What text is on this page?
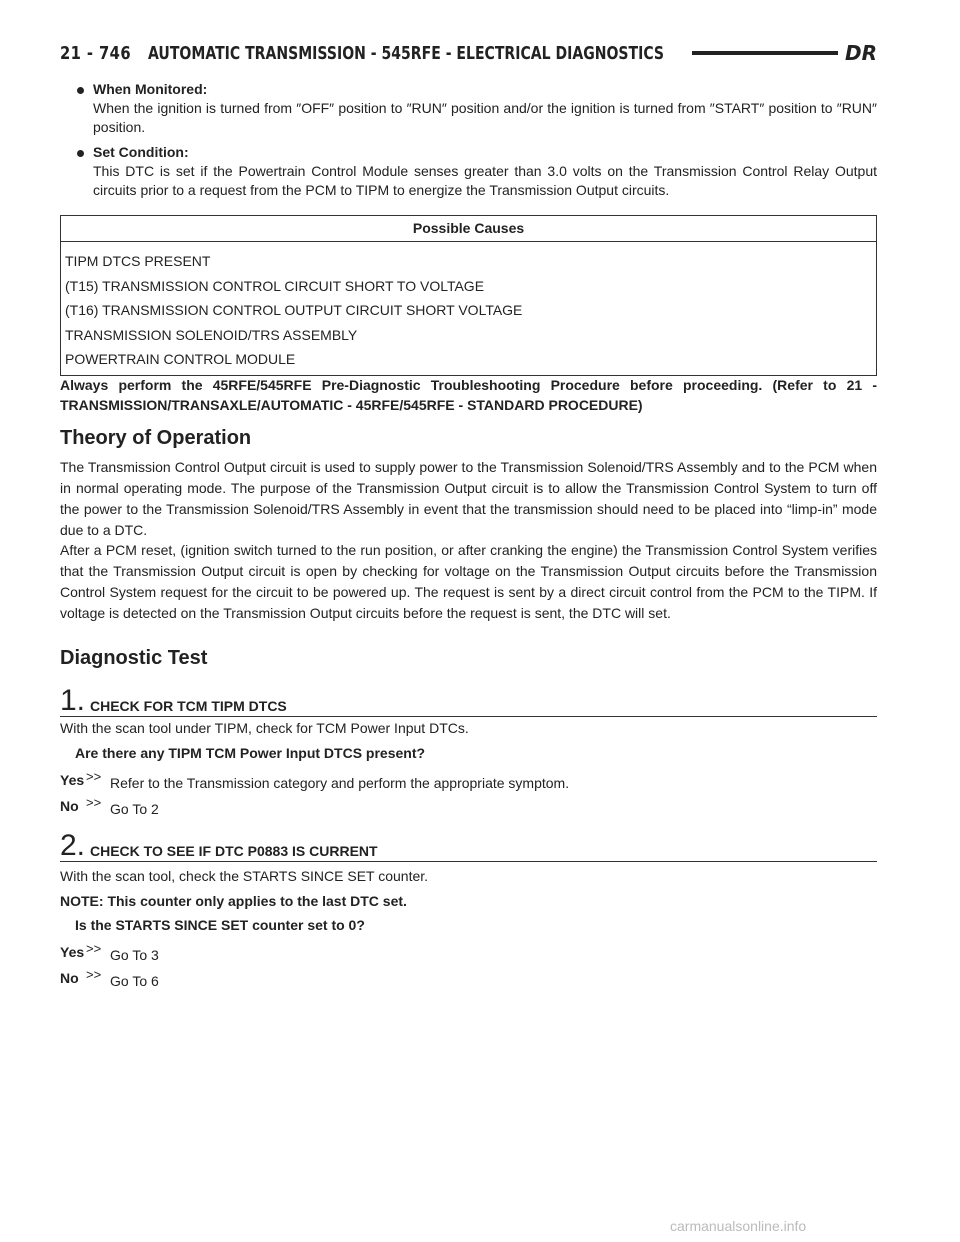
21 - 746 AUTOMATIC TRANSMISSION - 545RFE - ELECTRICAL DIAGNOSTICS	DR
When Monitored:
When the ignition is turned from ″OFF″ position to ″RUN″ position and/or the ignition is turned from ″START″ position to ″RUN″ position.
Set Condition:
This DTC is set if the Powertrain Control Module senses greater than 3.0 volts on the Transmission Control Relay Output circuits prior to a request from the PCM to TIPM to energize the Transmission Output circuits.
Possible Causes
TIPM DTCS PRESENT
(T15) TRANSMISSION CONTROL CIRCUIT SHORT TO VOLTAGE
(T16) TRANSMISSION CONTROL OUTPUT CIRCUIT SHORT VOLTAGE
TRANSMISSION SOLENOID/TRS ASSEMBLY
POWERTRAIN CONTROL MODULE
Always perform the 45RFE/545RFE Pre-Diagnostic Troubleshooting Procedure before proceeding. (Refer to 21 - TRANSMISSION/TRANSAXLE/AUTOMATIC - 45RFE/545RFE - STANDARD PROCEDURE)
Theory of Operation
The Transmission Control Output circuit is used to supply power to the Transmission Solenoid/TRS Assembly and to the PCM when in normal operating mode. The purpose of the Transmission Output circuit is to allow the Transmission Control System to turn off the power to the Transmission Solenoid/TRS Assembly in event that the transmission should need to be placed into “limp-in” mode due to a DTC.
After a PCM reset, (ignition switch turned to the run position, or after cranking the engine) the Transmission Control System verifies that the Transmission Output circuit is open by checking for voltage on the Transmission Output circuits before the Transmission Control System request for the circuit to be powered up. The request is sent by a direct circuit control from the PCM to the TIPM. If voltage is detected on the Transmission Output circuits before the request is sent, the DTC will set.
Diagnostic Test
1. CHECK FOR TCM TIPM DTCS
With the scan tool under TIPM, check for TCM Power Input DTCs.
Are there any TIPM TCM Power Input DTCS present?
Yes >> Refer to the Transmission category and perform the appropriate symptom.
No >> Go To 2
2. CHECK TO SEE IF DTC P0883 IS CURRENT
With the scan tool, check the STARTS SINCE SET counter.
NOTE: This counter only applies to the last DTC set.
Is the STARTS SINCE SET counter set to 0?
Yes >> Go To 3
No >> Go To 6
carmanualsonline.info
